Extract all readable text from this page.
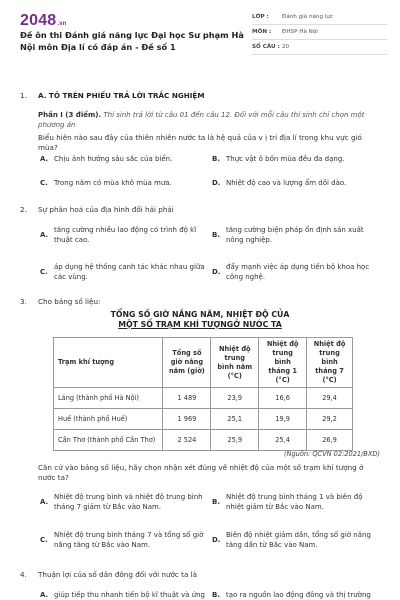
2048.vn
Đề ôn thi Đánh giá năng lực Đại học Sư phạm Hà Nội môn Địa lí có đáp án - Đề số 1
LỚP :	Đánh giá năng lực
MÔN :	ĐHSP Hà Nội
SỐ CÂU : 20
1.	A. TÔ TRÊN PHIẾU TRẢ LỜI TRẮC NGHIỆM
Phần I (3 điểm). Thí sinh trả lời từ câu 01 đến câu 12. Đối với mỗi câu thí sinh chỉ chọn một phương án
Biểu hiện nào sau đây của thiên nhiên nước ta là hệ quả của v ị trí địa lí trong khu vực gió mùa?
A. Chịu ảnh hưởng sâu sắc của biển.	B. Thực vật ô bốn mùa đều đa dạng.
C. Trong năm có mùa khô mùa mưa.	D. Nhiệt độ cao và lượng ẩm dồi dào.
2.	Sự phân hoá của địa hình đồi hải phải
A.
tăng cường nhiều lao động có trình độ kĩ thuật cao.
B.
tăng cường biện pháp ổn định sản xuất nông nghiệp.
C.
áp dụng hệ thống canh tác khác nhau giữa các vùng.
D.
đẩy mạnh việc áp dụng tiến bộ khoa học công nghệ.
3.	Cho bảng số liệu:
TỔNG SỐ GIỜ NẮNG NĂM, NHIỆT ĐỘ CỦA
MỘT SỐ TRẠM KHÍ TƯỢNGỞ NƯỚC TA
Trạm khí tượng	Tổng số giờ nắng năm (giờ)	Nhiệt độ trung bình năm (°C)	Nhiệt độ trung bình tháng 1 (°C)	Nhiệt độ trung bình tháng 7 (°C)
Láng (thành phố Hà Nội)	1 489	23,9	16,6	29,4
Huế (thành phố Huế)	1 969	25,1	19,9	29,2
Cần Thơ (thành phố Cần Thơ)	2 524	25,9	25,4	26,9
(Nguồn: QCVN 02:2021/BXD)
Căn cứ vào bảng số liệu, hãy chọn nhận xét đúng về nhiệt độ của một số trạm khí tượng ở nước ta?
A.
Nhiệt độ trung bình và nhiệt độ trung bình tháng 7 giảm từ Bắc vào Nam.
B.
Nhiệt độ trung bình tháng 1 và biên độ nhiệt giảm từ Bắc vào Nam.
C.
Nhiệt độ trung bình tháng 7 và tổng số giờ nắng tăng từ Bắc vào Nam.
D.
Biên độ nhiệt giảm dần, tổng số giờ nắng tăng dần từ Bắc vào Nam.
4.	Thuận lợi của số dân đông đối với nước ta là
A. giúp tiếp thu nhanh tiến bộ kĩ thuật và ứng	B. tạo ra nguồn lao động đông và thị trường
